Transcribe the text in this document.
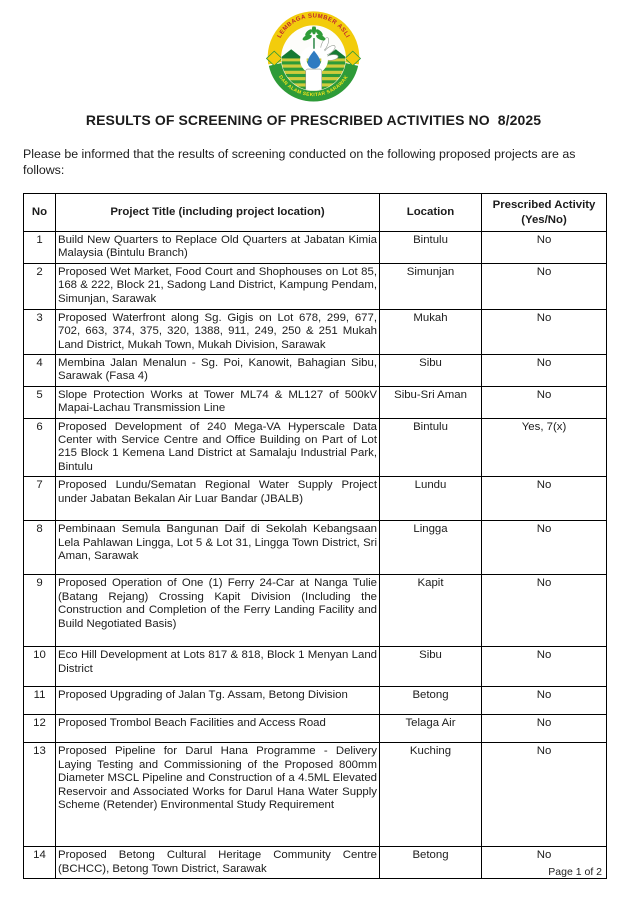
LEMBAGA SUMBER ASLI
DAN ALAM SEKITAR SARAWAK
RESULTS OF SCREENING OF PRESCRIBED ACTIVITIES NO  8/2025

Please be informed that the results of screening conducted on the following proposed projects are as follows:

No	Project Title (including project location)	Location	Prescribed Activity (Yes/No)
1	Build New Quarters to Replace Old Quarters at Jabatan Kimia Malaysia (Bintulu Branch)	Bintulu	No
2	Proposed Wet Market, Food Court and Shophouses on Lot 85, 168 & 222, Block 21, Sadong Land District, Kampung Pendam, Simunjan, Sarawak	Simunjan	No
3	Proposed Waterfront along Sg. Gigis on Lot 678, 299, 677, 702, 663, 374, 375, 320, 1388, 911, 249, 250 & 251 Mukah Land District, Mukah Town, Mukah Division, Sarawak	Mukah	No
4	Membina Jalan Menalun - Sg. Poi, Kanowit, Bahagian Sibu, Sarawak (Fasa 4)	Sibu	No
5	Slope Protection Works at Tower ML74 & ML127 of 500kV Mapai-Lachau Transmission Line	Sibu-Sri Aman	No
6	Proposed Development of 240 Mega-VA Hyperscale Data Center with Service Centre and Office Building on Part of Lot 215 Block 1 Kemena Land District at Samalaju Industrial Park, Bintulu	Bintulu	Yes, 7(x)
7	Proposed Lundu/Sematan Regional Water Supply Project under Jabatan Bekalan Air Luar Bandar (JBALB)	Lundu	No
8	Pembinaan Semula Bangunan Daif di Sekolah Kebangsaan Lela Pahlawan Lingga, Lot 5 & Lot 31, Lingga Town District, Sri Aman, Sarawak	Lingga	No
9	Proposed Operation of One (1) Ferry 24-Car at Nanga Tulie (Batang Rejang) Crossing Kapit Division (Including the Construction and Completion of the Ferry Landing Facility and Build Negotiated Basis)	Kapit	No
10	Eco Hill Development at Lots 817 & 818, Block 1 Menyan Land District	Sibu	No
11	Proposed Upgrading of Jalan Tg. Assam, Betong Division	Betong	No
12	Proposed Trombol Beach Facilities and Access Road	Telaga Air	No
13	Proposed Pipeline for Darul Hana Programme - Delivery Laying Testing and Commissioning of the Proposed 800mm Diameter MSCL Pipeline and Construction of a 4.5ML Elevated Reservoir and Associated Works for Darul Hana Water Supply Scheme (Retender) Environmental Study Requirement	Kuching	No
14	Proposed Betong Cultural Heritage Community Centre (BCHCC), Betong Town District, Sarawak	Betong	No
Page 1 of 2
